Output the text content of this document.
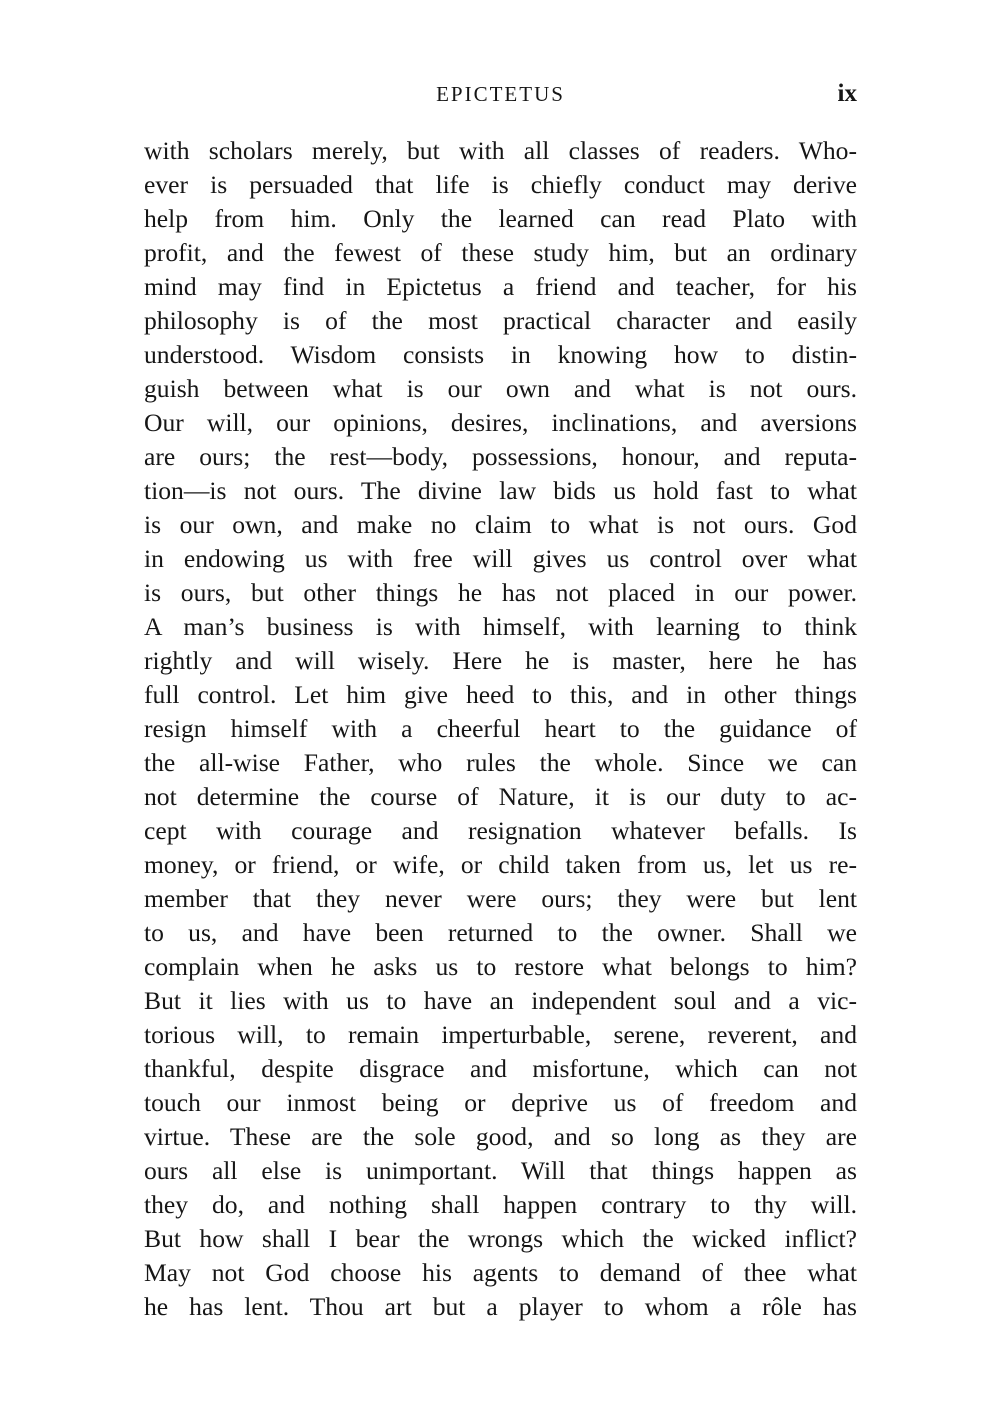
EPICTETUS	ix
with scholars merely, but with all classes of readers. Who-
ever is persuaded that life is chiefly conduct may derive
help from him. Only the learned can read Plato with
profit, and the fewest of these study him, but an ordinary
mind may find in Epictetus a friend and teacher, for his
philosophy is of the most practical character and easily
understood. Wisdom consists in knowing how to distin-
guish between what is our own and what is not ours.
Our will, our opinions, desires, inclinations, and aversions
are ours; the rest—body, possessions, honour, and reputa-
tion—is not ours. The divine law bids us hold fast to what
is our own, and make no claim to what is not ours. God
in endowing us with free will gives us control over what
is ours, but other things he has not placed in our power.
A man’s business is with himself, with learning to think
rightly and will wisely. Here he is master, here he has
full control. Let him give heed to this, and in other things
resign himself with a cheerful heart to the guidance of
the all-wise Father, who rules the whole. Since we can
not determine the course of Nature, it is our duty to ac-
cept with courage and resignation whatever befalls. Is
money, or friend, or wife, or child taken from us, let us re-
member that they never were ours; they were but lent
to us, and have been returned to the owner. Shall we
complain when he asks us to restore what belongs to him?
But it lies with us to have an independent soul and a vic-
torious will, to remain imperturbable, serene, reverent, and
thankful, despite disgrace and misfortune, which can not
touch our inmost being or deprive us of freedom and
virtue. These are the sole good, and so long as they are
ours all else is unimportant. Will that things happen as
they do, and nothing shall happen contrary to thy will.
But how shall I bear the wrongs which the wicked inflict?
May not God choose his agents to demand of thee what
he has lent. Thou art but a player to whom a rôle has
